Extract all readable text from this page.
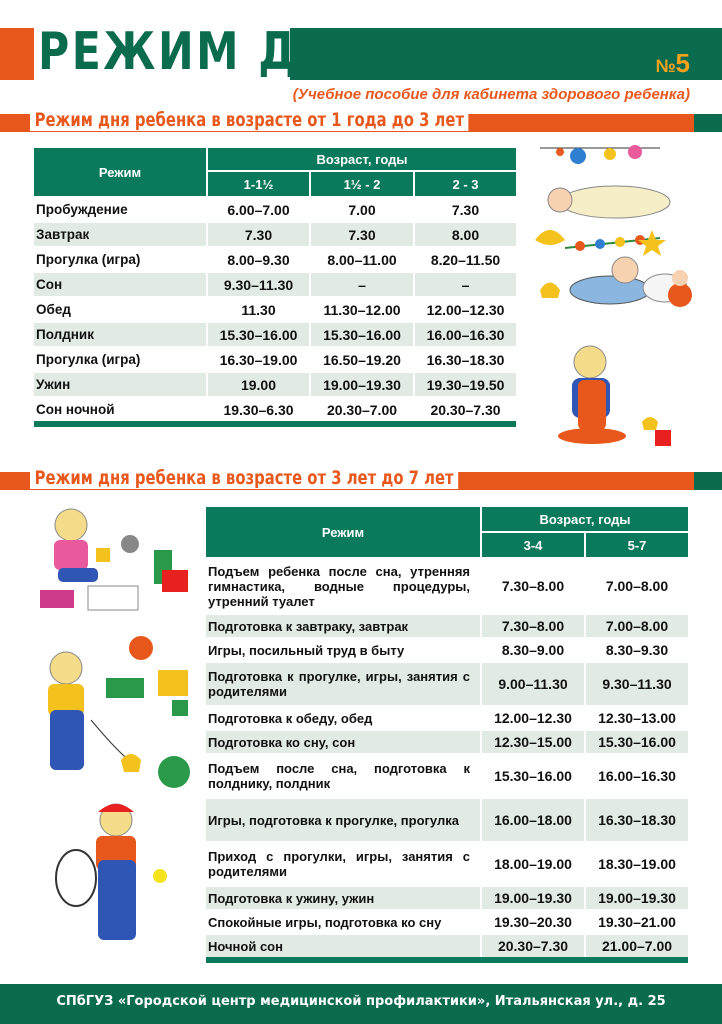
РЕЖИМ ДНЯ	№5
(Учебное пособие для кабинета здорового ребенка)
Режим дня ребенка в возрасте от 1 года до 3 лет
Режим	Возраст, годы		
	1-1½	1½ - 2	2 - 3
Пробуждение	6.00–7.00	7.00	7.30
Завтрак	7.30	7.30	8.00
Прогулка (игра)	8.00–9.30	8.00–11.00	8.20–11.50
Сон	9.30–11.30	–	–
Обед	11.30	11.30–12.00	12.00–12.30
Полдник	15.30–16.00	15.30–16.00	16.00–16.30
Прогулка (игра)	16.30–19.00	16.50–19.20	16.30–18.30
Ужин	19.00	19.00–19.30	19.30–19.50
Сон ночной	19.30–6.30	20.30–7.00	20.30–7.30

Режим дня ребенка в возрасте от 3 лет до 7 лет
Режим	Возраст, годы	
	3-4	5-7
Подъем ребенка после сна, утренняя гимнастика, водные процедуры, утренний туалет	7.30–8.00	7.00–8.00
Подготовка к завтраку, завтрак	7.30–8.00	7.00–8.00
Игры, посильный труд в быту	8.30–9.00	8.30–9.30
Подготовка к прогулке, игры, занятия с родителями	9.00–11.30	9.30–11.30
Подготовка к обеду, обед	12.00–12.30	12.30–13.00
Подготовка ко сну, сон	12.30–15.00	15.30–16.00
Подъем после сна, подготовка к полднику, полдник	15.30–16.00	16.00–16.30
Игры, подготовка к прогулке, прогулка	16.00–18.00	16.30–18.30
Приход с прогулки, игры, занятия с родителями	18.00–19.00	18.30–19.00
Подготовка к ужину, ужин	19.00–19.30	19.00–19.30
Спокойные игры, подготовка ко сну	19.30–20.30	19.30–21.00
Ночной сон	20.30–7.30	21.00–7.00

СПбГУЗ «Городской центр медицинской профилактики», Итальянская ул., д. 25
